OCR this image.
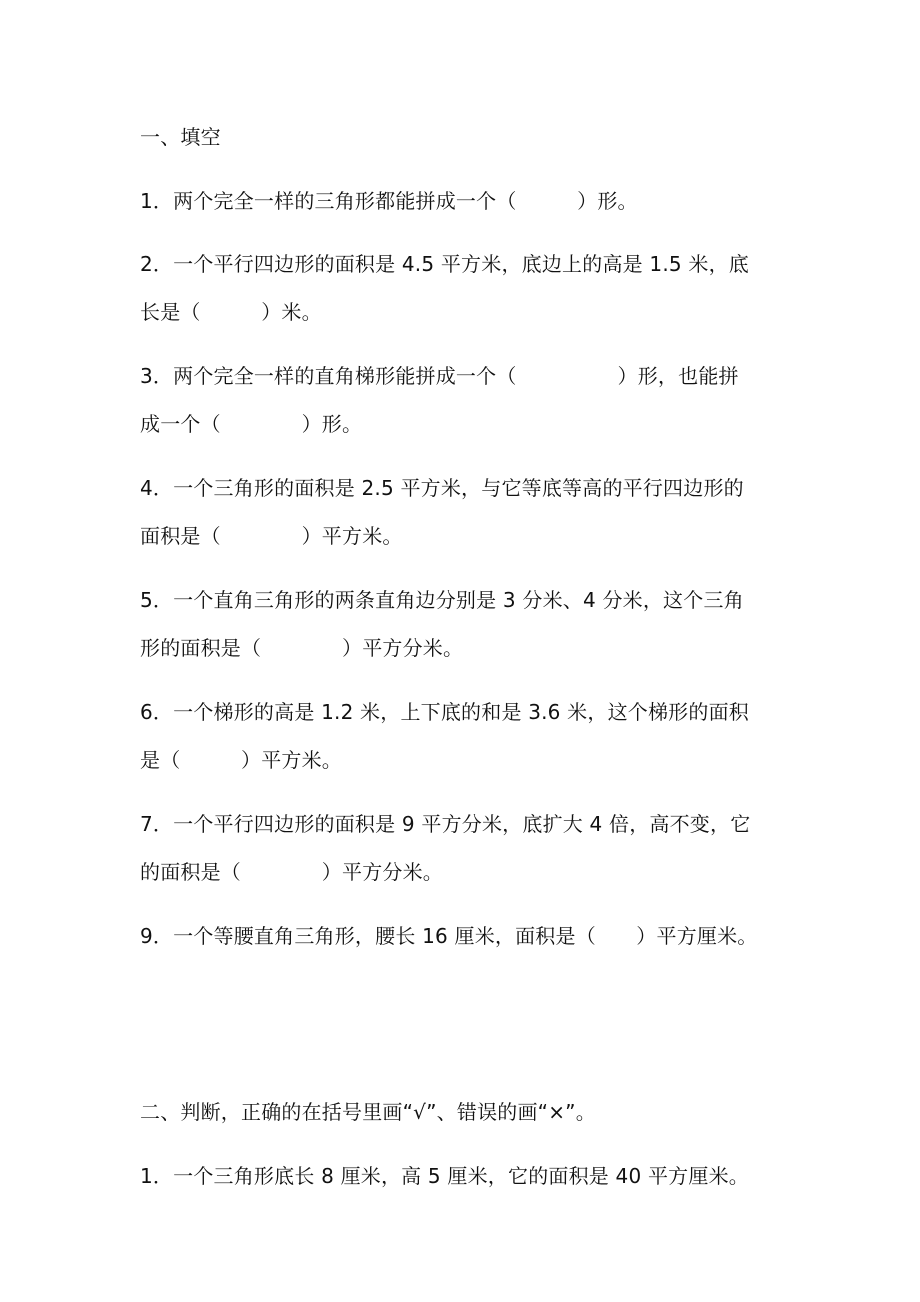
一、填空
1．两个完全一样的三角形都能拼成一个（　　　）形。
2．一个平行四边形的面积是 4.5 平方米，底边上的高是 1.5 米，底
长是（　　　）米。
3．两个完全一样的直角梯形能拼成一个（　　　　　）形，也能拼
成一个（　　　　）形。
4．一个三角形的面积是 2.5 平方米，与它等底等高的平行四边形的
面积是（　　　　）平方米。
5．一个直角三角形的两条直角边分别是 3 分米、4 分米，这个三角
形的面积是（　　　　）平方分米。
6．一个梯形的高是 1.2 米，上下底的和是 3.6 米，这个梯形的面积
是（　　　）平方米。
7．一个平行四边形的面积是 9 平方分米，底扩大 4 倍，高不变，它
的面积是（　　　　）平方分米。
9．一个等腰直角三角形，腰长 16 厘米，面积是（　　）平方厘米。
二、判断，正确的在括号里画“√”、错误的画“×”。
1．一个三角形底长 8 厘米，高 5 厘米，它的面积是 40 平方厘米。
